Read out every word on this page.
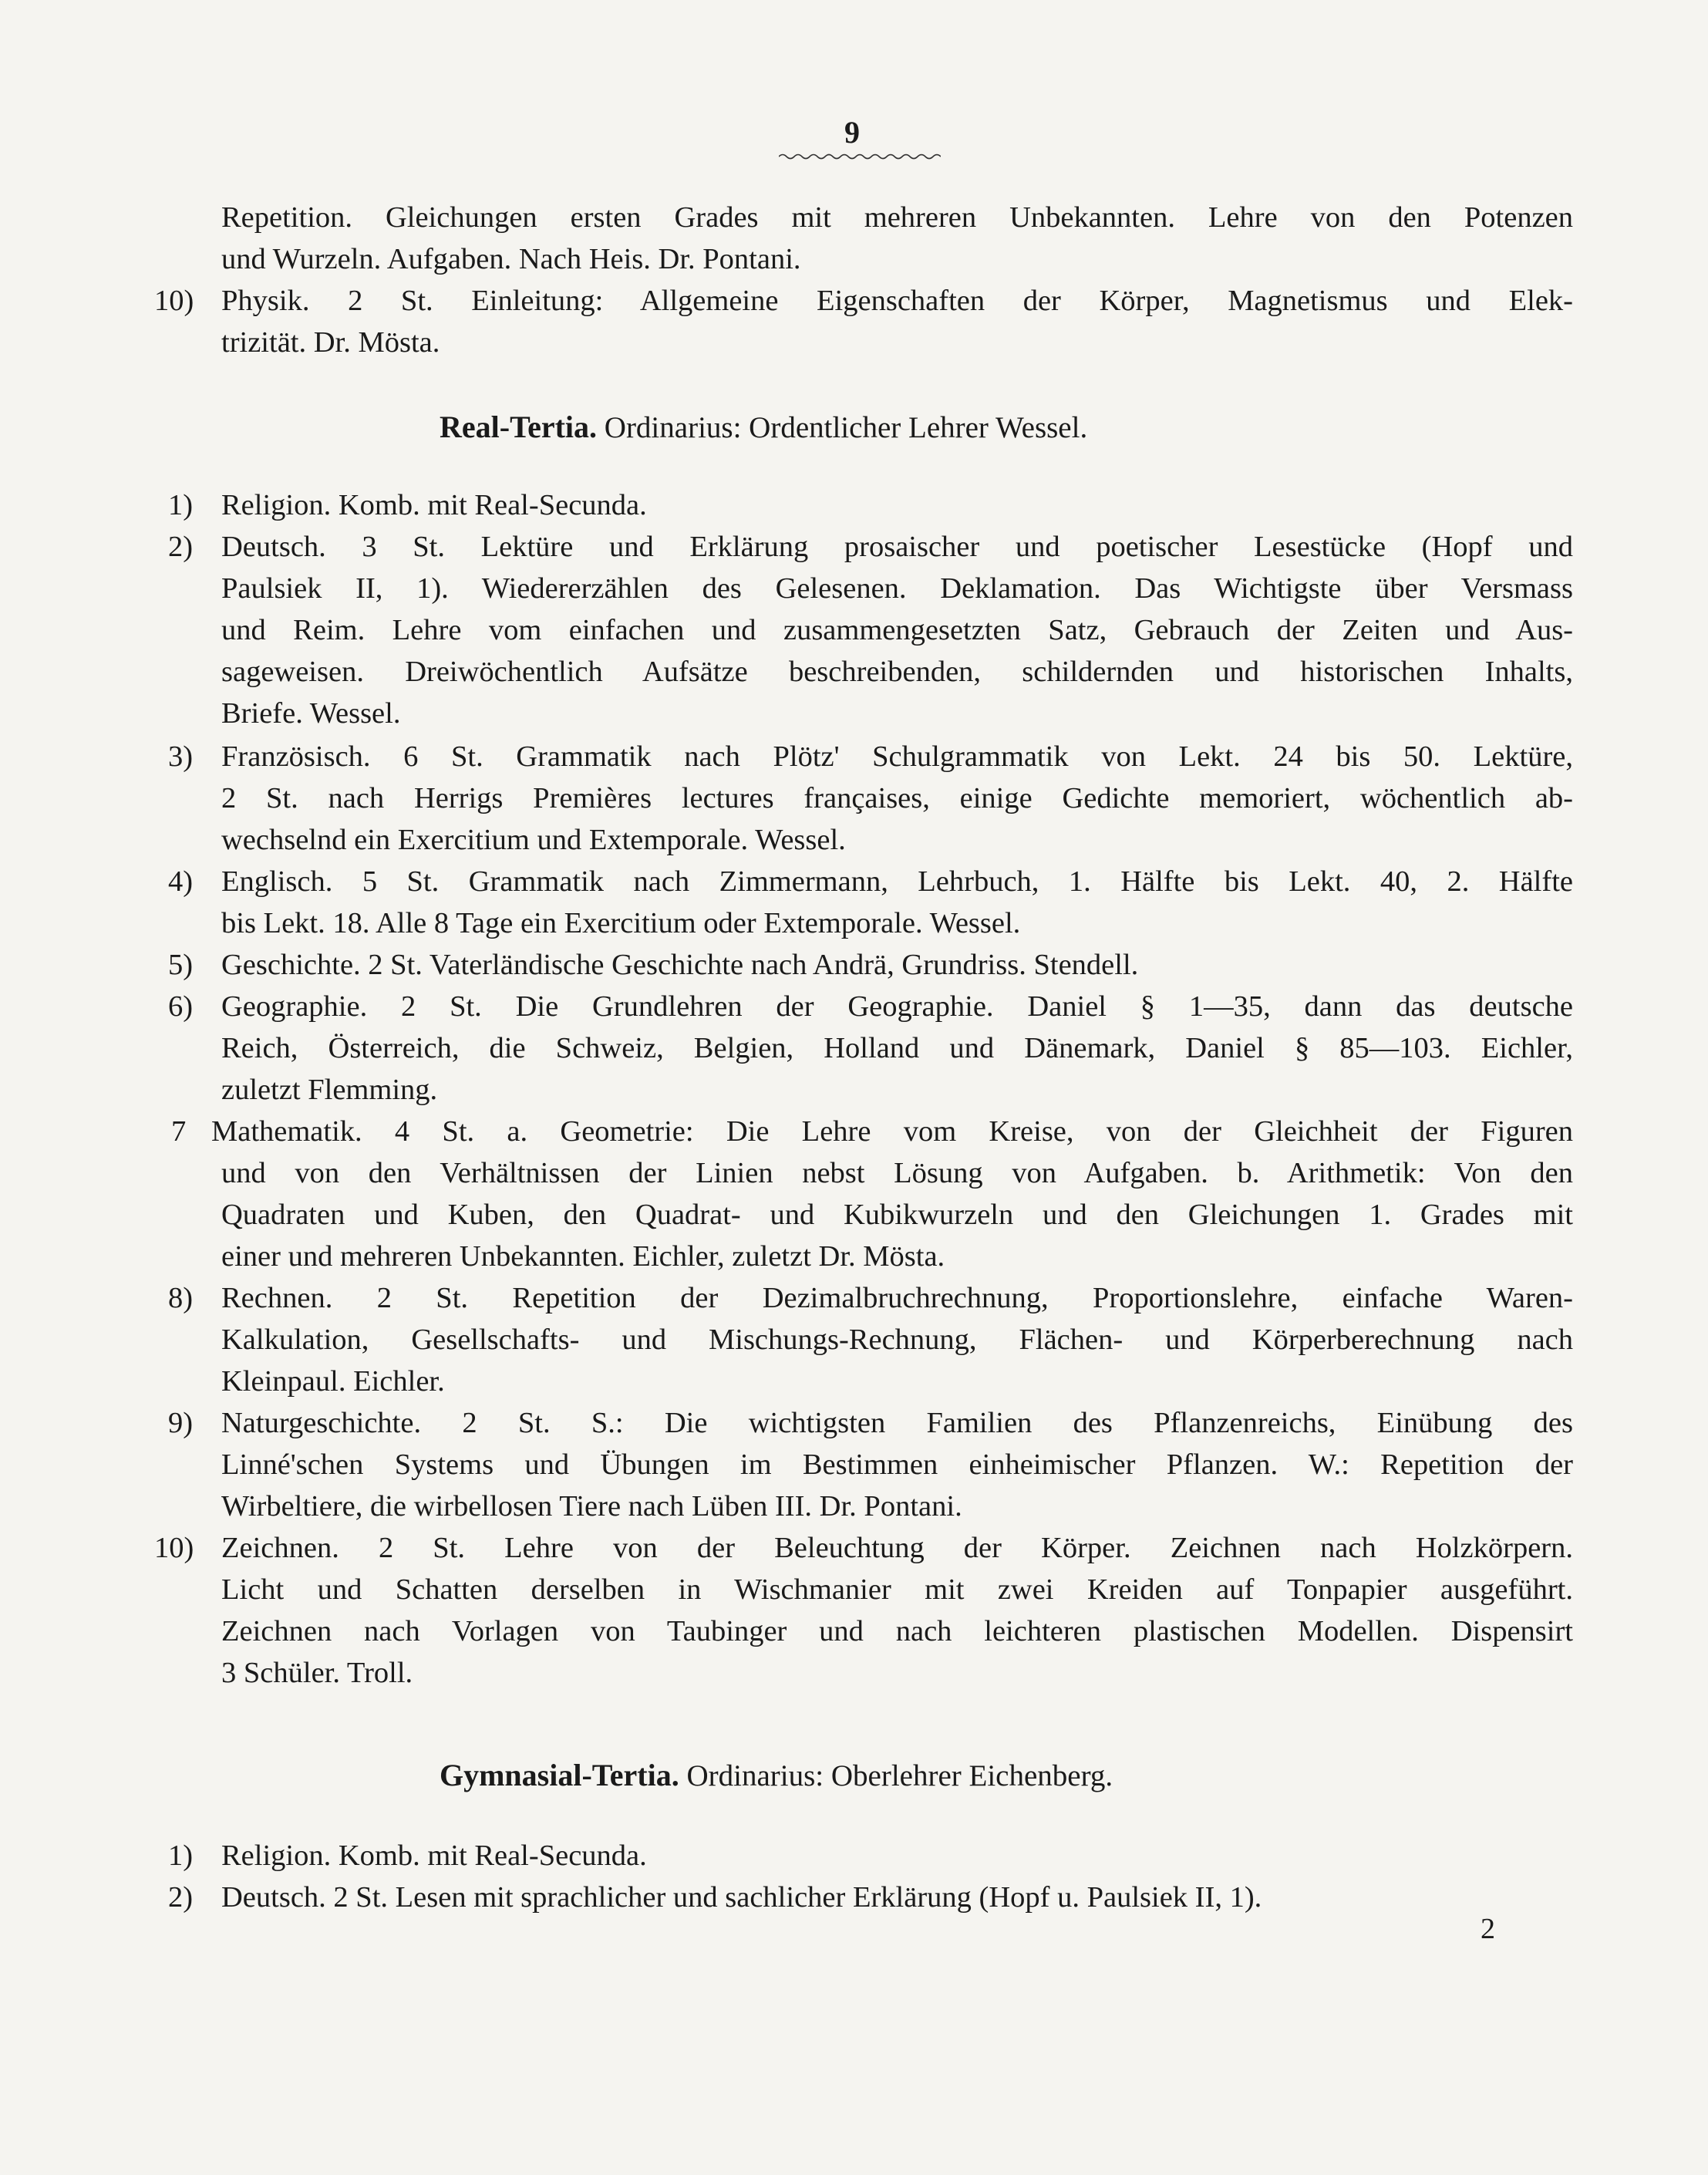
9
Repetition. Gleichungen ersten Grades mit mehreren Unbekannten. Lehre von den Potenzen
und Wurzeln. Aufgaben. Nach Heis. Dr. Pontani.
10) Physik. 2 St. Einleitung: Allgemeine Eigenschaften der Körper, Magnetismus und Elek-
trizität. Dr. Mösta.
Real-Tertia. Ordinarius: Ordentlicher Lehrer Wessel.
1) Religion. Komb. mit Real-Secunda.
2) Deutsch. 3 St. Lektüre und Erklärung prosaischer und poetischer Lesestücke (Hopf und
Paulsiek II, 1). Wiedererzählen des Gelesenen. Deklamation. Das Wichtigste über Versmass
und Reim. Lehre vom einfachen und zusammengesetzten Satz, Gebrauch der Zeiten und Aus-
sageweisen. Dreiwöchentlich Aufsätze beschreibenden, schildernden und historischen Inhalts,
Briefe. Wessel.
3) Französisch. 6 St. Grammatik nach Plötz' Schulgrammatik von Lekt. 24 bis 50. Lektüre,
2 St. nach Herrigs Premières lectures françaises, einige Gedichte memoriert, wöchentlich ab-
wechselnd ein Exercitium und Extemporale. Wessel.
4) Englisch. 5 St. Grammatik nach Zimmermann, Lehrbuch, 1. Hälfte bis Lekt. 40, 2. Hälfte
bis Lekt. 18. Alle 8 Tage ein Exercitium oder Extemporale. Wessel.
5) Geschichte. 2 St. Vaterländische Geschichte nach Andrä, Grundriss. Stendell.
6) Geographie. 2 St. Die Grundlehren der Geographie. Daniel § 1—35, dann das deutsche
Reich, Österreich, die Schweiz, Belgien, Holland und Dänemark, Daniel § 85—103. Eichler,
zuletzt Flemming.
7 Mathematik. 4 St. a. Geometrie: Die Lehre vom Kreise, von der Gleichheit der Figuren
und von den Verhältnissen der Linien nebst Lösung von Aufgaben. b. Arithmetik: Von den
Quadraten und Kuben, den Quadrat- und Kubikwurzeln und den Gleichungen 1. Grades mit
einer und mehreren Unbekannten. Eichler, zuletzt Dr. Mösta.
8) Rechnen. 2 St. Repetition der Dezimalbruchrechnung, Proportionslehre, einfache Waren-
Kalkulation, Gesellschafts- und Mischungs-Rechnung, Flächen- und Körperberechnung nach
Kleinpaul. Eichler.
9) Naturgeschichte. 2 St. S.: Die wichtigsten Familien des Pflanzenreichs, Einübung des
Linné'schen Systems und Übungen im Bestimmen einheimischer Pflanzen. W.: Repetition der
Wirbeltiere, die wirbellosen Tiere nach Lüben III. Dr. Pontani.
10) Zeichnen. 2 St. Lehre von der Beleuchtung der Körper. Zeichnen nach Holzkörpern.
Licht und Schatten derselben in Wischmanier mit zwei Kreiden auf Tonpapier ausgeführt.
Zeichnen nach Vorlagen von Taubinger und nach leichteren plastischen Modellen. Dispensirt
3 Schüler. Troll.
Gymnasial-Tertia. Ordinarius: Oberlehrer Eichenberg.
1) Religion. Komb. mit Real-Secunda.
2) Deutsch. 2 St. Lesen mit sprachlicher und sachlicher Erklärung (Hopf u. Paulsiek II, 1).
2
